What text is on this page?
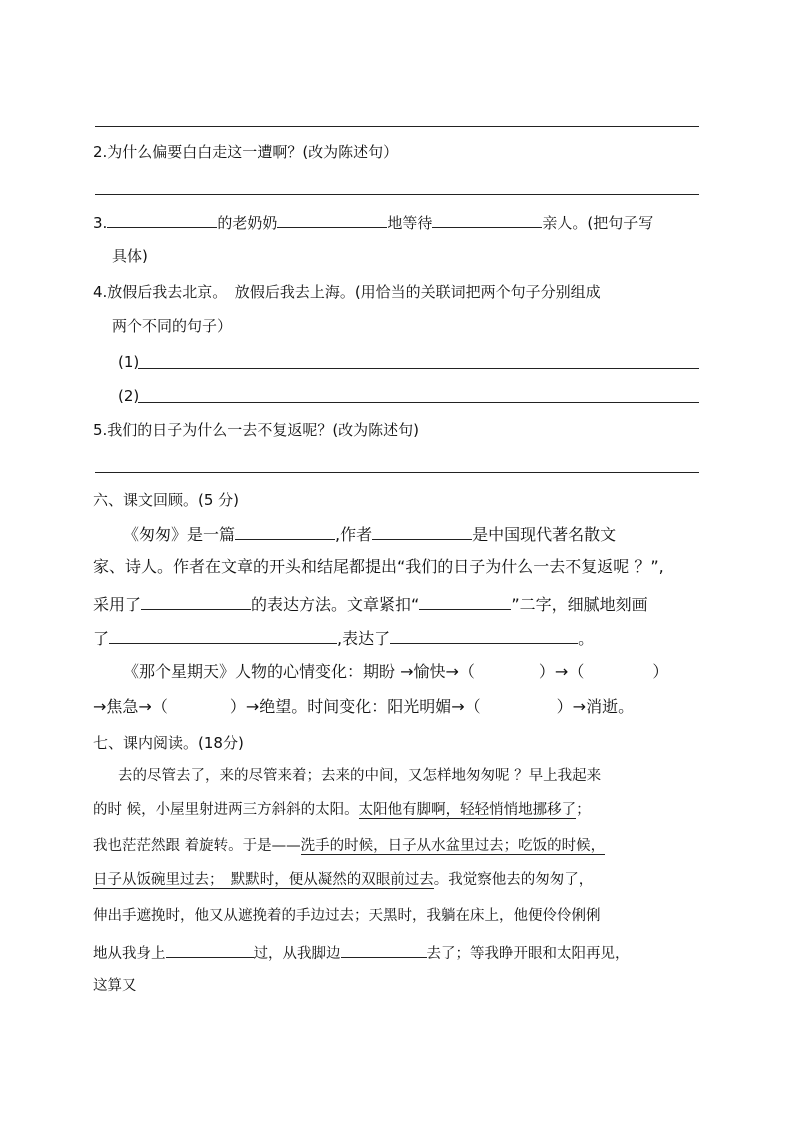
2.为什么偏要白白走这一遭啊？(改为陈述句）
3.	的老奶奶	地等待	亲人。(把句子写
具体)
4.放假后我去北京。　放假后我去上海。(用恰当的关联词把两个句子分别组成
两个不同的句子）
(1)
(2)
5.我们的日子为什么一去不复返呢？(改为陈述句)
六、课文回顾。(5 分)
《匆匆》是一篇	,作者	是中国现代著名散文
家、诗人。作者在文章的开头和结尾都提出“我们的日子为什么一去不复返呢 ？”,
采用了	的表达方法。文章紧扣“	”二字，细腻地刻画
了	,表达了	。
《那个星期天》人物的心情变化：期盼 →愉快→（	）→（	）
→焦急→（	）→绝望。时间变化：阳光明媚→（	）→消逝。
七、课内阅读。(18分)
去的尽管去了，来的尽管来着；去来的中间，又怎样地匆匆呢 ？早上我起来
的时 候，小屋里射进两三方斜斜的太阳。太阳他有脚啊，轻轻悄悄地挪移了；
我也茫茫然跟 着旋转。于是——洗手的时候，日子从水盆里过去；吃饭的时候，
日子从饭碗里过去；　默默时，便从凝然的双眼前过去。我觉察他去的匆匆了，
伸出手遮挽时，他又从遮挽着的手边过去；天黑时，我躺在床上，他便伶伶俐俐
地从我身上	过，从我脚边	去了；等我睁开眼和太阳再见，
这算又
